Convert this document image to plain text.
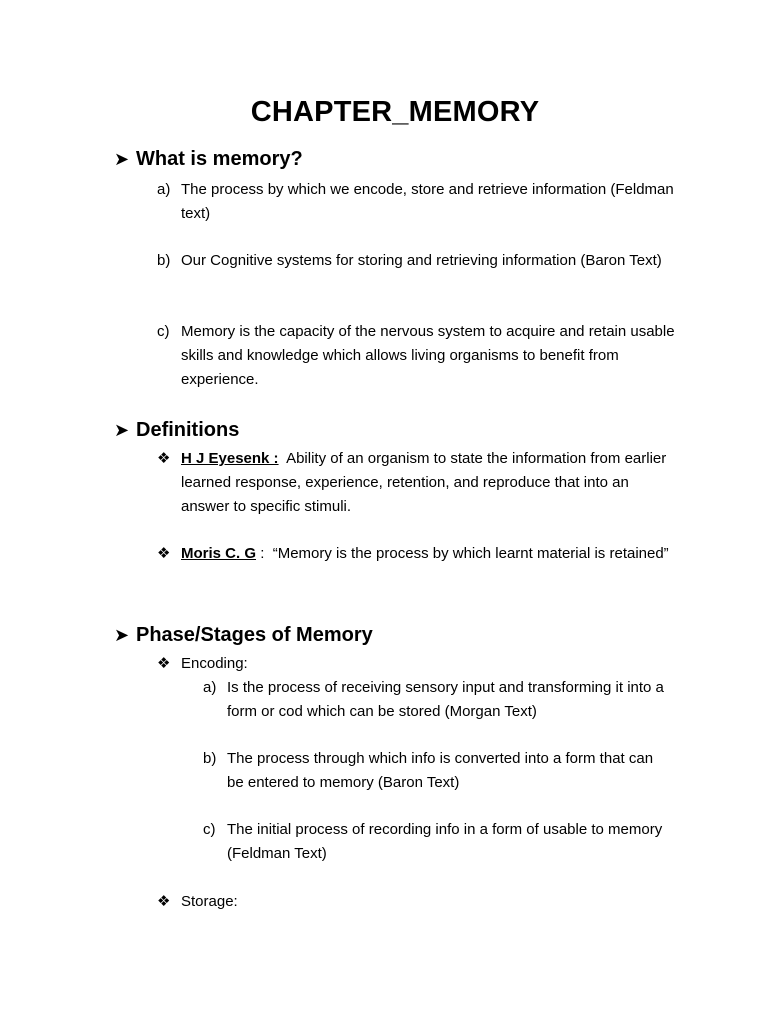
CHAPTER_MEMORY
➤ What is memory?
a) The process by which we encode, store and retrieve information (Feldman text)
b) Our Cognitive systems for storing and retrieving information (Baron Text)
c) Memory is the capacity of the nervous system to acquire and retain usable skills and knowledge which allows living organisms to benefit from experience.
➤ Definitions
❖ H J Eyesenk : Ability of an organism to state the information from earlier learned response, experience, retention, and reproduce that into an answer to specific stimuli.
❖ Moris C. G : “Memory is the process by which learnt material is retained”
➤ Phase/Stages of Memory
❖ Encoding:
a) Is the process of receiving sensory input and transforming it into a form or cod which can be stored (Morgan Text)
b) The process through which info is converted into a form that can be entered to memory (Baron Text)
c) The initial process of recording info in a form of usable to memory (Feldman Text)
❖ Storage:
